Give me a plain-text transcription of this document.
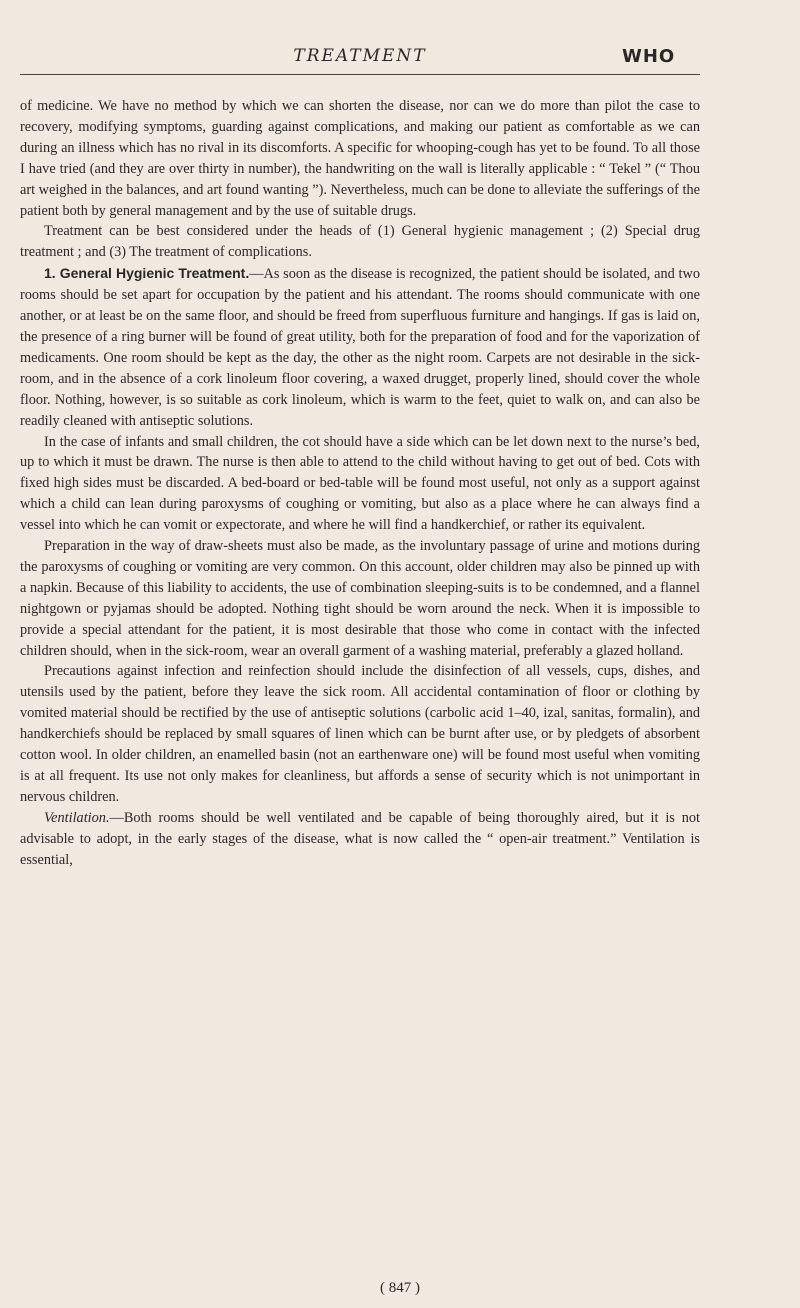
TREATMENT	WHO

of medicine. We have no method by which we can shorten the disease, nor can we do more than pilot the case to recovery, modifying symptoms, guarding against complications, and making our patient as comfortable as we can during an illness which has no rival in its discomforts. A specific for whooping-cough has yet to be found. To all those I have tried (and they are over thirty in number), the handwriting on the wall is literally applicable : “ Tekel ” (“ Thou art weighed in the balances, and art found wanting ”). Nevertheless, much can be done to alleviate the sufferings of the patient both by general management and by the use of suitable drugs.

Treatment can be best considered under the heads of (1) General hygienic management ; (2) Special drug treatment ; and (3) The treatment of complications.

1. General Hygienic Treatment.—As soon as the disease is recognized, the patient should be isolated, and two rooms should be set apart for occupation by the patient and his attendant. The rooms should communicate with one another, or at least be on the same floor, and should be freed from superfluous furniture and hangings. If gas is laid on, the presence of a ring burner will be found of great utility, both for the preparation of food and for the vaporization of medicaments. One room should be kept as the day, the other as the night room. Carpets are not desirable in the sick-room, and in the absence of a cork linoleum floor covering, a waxed drugget, properly lined, should cover the whole floor. Nothing, however, is so suitable as cork linoleum, which is warm to the feet, quiet to walk on, and can also be readily cleaned with antiseptic solutions.

In the case of infants and small children, the cot should have a side which can be let down next to the nurse’s bed, up to which it must be drawn. The nurse is then able to attend to the child without having to get out of bed. Cots with fixed high sides must be discarded. A bed-board or bed-table will be found most useful, not only as a support against which a child can lean during paroxysms of coughing or vomiting, but also as a place where he can always find a vessel into which he can vomit or expectorate, and where he will find a handkerchief, or rather its equivalent.

Preparation in the way of draw-sheets must also be made, as the involuntary passage of urine and motions during the paroxysms of coughing or vomiting are very common. On this account, older children may also be pinned up with a napkin. Because of this liability to accidents, the use of combination sleeping-suits is to be condemned, and a flannel nightgown or pyjamas should be adopted. Nothing tight should be worn around the neck. When it is impossible to provide a special attendant for the patient, it is most desirable that those who come in contact with the infected children should, when in the sick-room, wear an overall garment of a washing material, preferably a glazed holland.

Precautions against infection and reinfection should include the disinfection of all vessels, cups, dishes, and utensils used by the patient, before they leave the sick room. All accidental contamination of floor or clothing by vomited material should be rectified by the use of antiseptic solutions (carbolic acid 1–40, izal, sanitas, formalin), and handkerchiefs should be replaced by small squares of linen which can be burnt after use, or by pledgets of absorbent cotton wool. In older children, an enamelled basin (not an earthenware one) will be found most useful when vomiting is at all frequent. Its use not only makes for cleanliness, but affords a sense of security which is not unimportant in nervous children.

Ventilation.—Both rooms should be well ventilated and be capable of being thoroughly aired, but it is not advisable to adopt, in the early stages of the disease, what is now called the “ open-air treatment.” Ventilation is essential,

( 847 )
